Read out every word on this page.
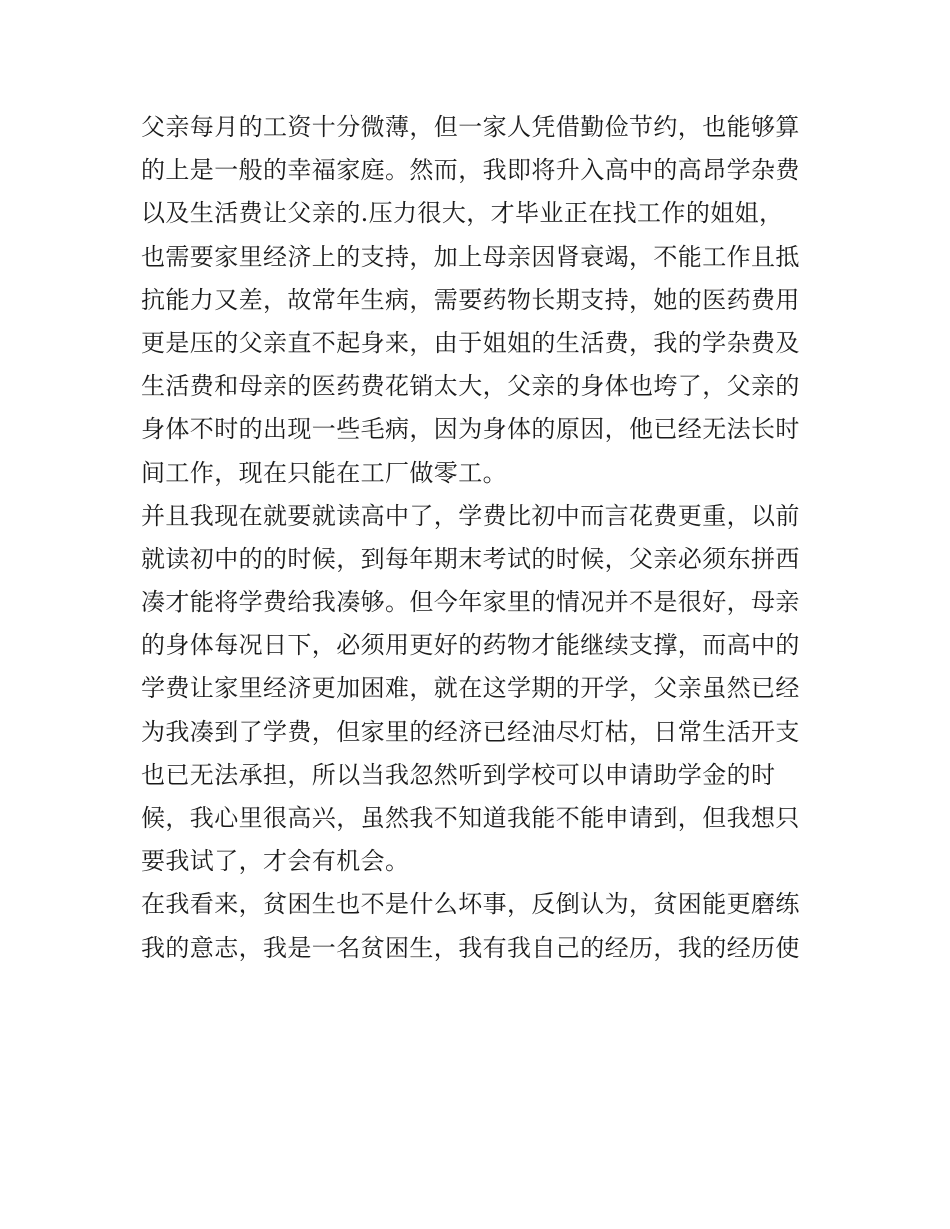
父亲每月的工资十分微薄，但一家人凭借勤俭节约，也能够算
的上是一般的幸福家庭。然而，我即将升入高中的高昂学杂费
以及生活费让父亲的.压力很大，才毕业正在找工作的姐姐，
也需要家里经济上的支持，加上母亲因肾衰竭，不能工作且抵
抗能力又差，故常年生病，需要药物长期支持，她的医药费用
更是压的父亲直不起身来，由于姐姐的生活费，我的学杂费及
生活费和母亲的医药费花销太大，父亲的身体也垮了，父亲的
身体不时的出现一些毛病，因为身体的原因，他已经无法长时
间工作，现在只能在工厂做零工。
并且我现在就要就读高中了，学费比初中而言花费更重，以前
就读初中的的时候，到每年期末考试的时候，父亲必须东拼西
凑才能将学费给我凑够。但今年家里的情况并不是很好，母亲
的身体每况日下，必须用更好的药物才能继续支撑，而高中的
学费让家里经济更加困难，就在这学期的开学，父亲虽然已经
为我凑到了学费，但家里的经济已经油尽灯枯，日常生活开支
也已无法承担，所以当我忽然听到学校可以申请助学金的时
候，我心里很高兴，虽然我不知道我能不能申请到，但我想只
要我试了，才会有机会。
在我看来，贫困生也不是什么坏事，反倒认为，贫困能更磨练
我的意志，我是一名贫困生，我有我自己的经历，我的经历使
